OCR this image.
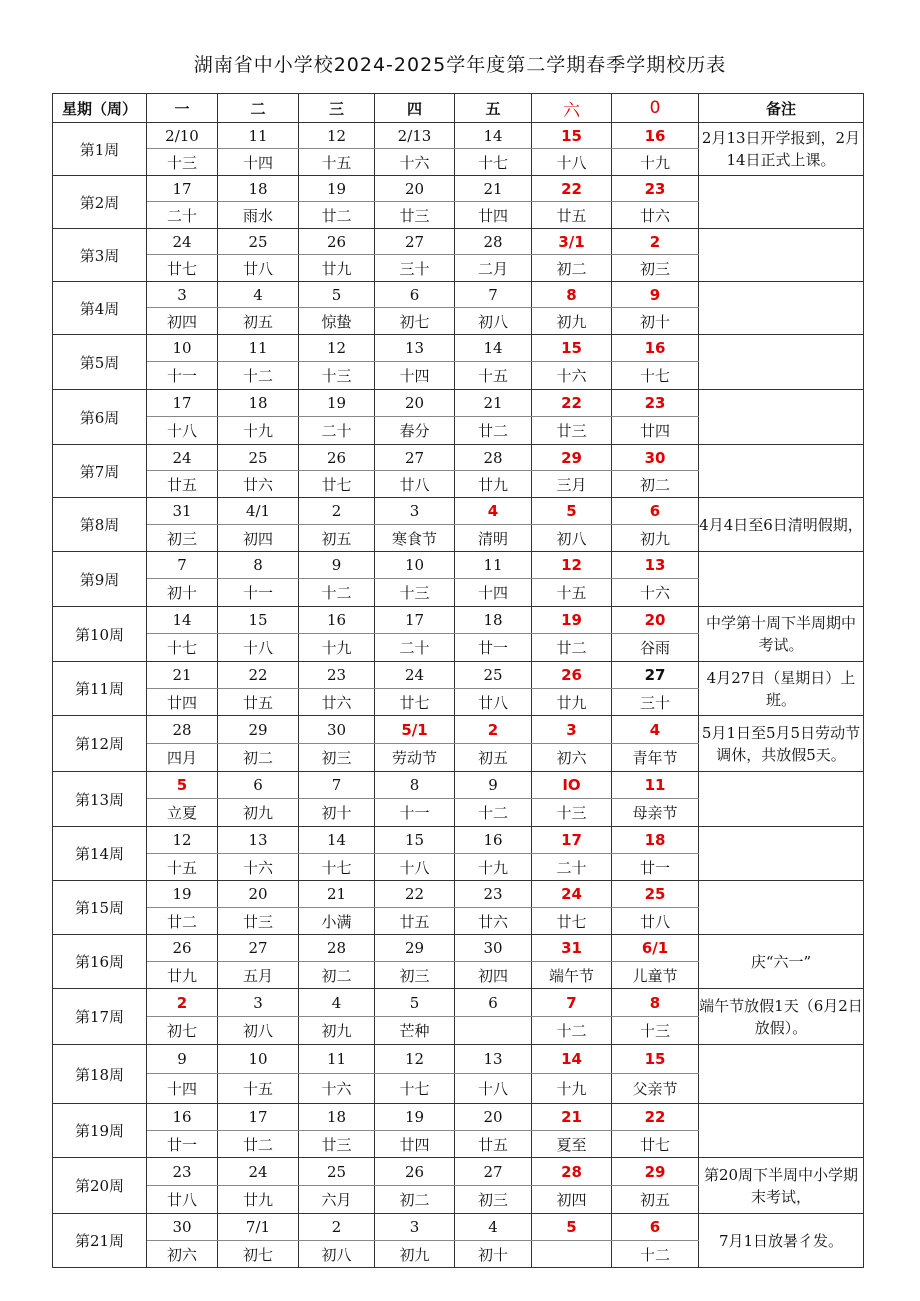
湖南省中小学校2024-2025学年度第二学期春季学期校历表
星期（周）	一	二	三	四	五	六	0	备注
第1周	2/10	11	12	2/13	14	15	16	2月13日开学报到，2月14日正式上课。
	十三	十四	十五	十六	十七	十八	十九	
第2周	17	18	19	20	21	22	23	
	二十	雨水	廿二	廿三	廿四	廿五	廿六	
第3周	24	25	26	27	28	3/1	2	
	廿七	廿八	廿九	三十	二月	初二	初三	
第4周	3	4	5	6	7	8	9	
	初四	初五	惊蛰	初七	初八	初九	初十	
第5周	10	11	12	13	14	15	16	
	十一	十二	十三	十四	十五	十六	十七	
第6周	17	18	19	20	21	22	23	
	十八	十九	二十	春分	廿二	廿三	廿四	
第7周	24	25	26	27	28	29	30	
	廿五	廿六	廿七	廿八	廿九	三月	初二	
第8周	31	4/1	2	3	4	5	6	4月4日至6日清明假期，
	初三	初四	初五	寒食节	清明	初八	初九	
第9周	7	8	9	10	11	12	13	
	初十	十一	十二	十三	十四	十五	十六	
第10周	14	15	16	17	18	19	20	中学第十周下半周期中考试。
	十七	十八	十九	二十	廿一	廿二	谷雨	
第11周	21	22	23	24	25	26	27	4月27日（星期日）上班。
	廿四	廿五	廿六	廿七	廿八	廿九	三十	
第12周	28	29	30	5/1	2	3	4	5月1日至5月5日劳动节调休，共放假5天。
	四月	初二	初三	劳动节	初五	初六	青年节	
第13周	5	6	7	8	9	IO	11	
	立夏	初九	初十	十一	十二	十三	母亲节	
第14周	12	13	14	15	16	17	18	
	十五	十六	十七	十八	十九	二十	廿一	
第15周	19	20	21	22	23	24	25	
	廿二	廿三	小满	廿五	廿六	廿七	廿八	
第16周	26	27	28	29	30	31	6/1	庆“六一”
	廿九	五月	初二	初三	初四	端午节	儿童节	
第17周	2	3	4	5	6	7	8	端午节放假1天（6月2日放假）。
	初七	初八	初九	芒种		十二	十三	
第18周	9	10	11	12	13	14	15	
	十四	十五	十六	十七	十八	十九	父亲节	
第19周	16	17	18	19	20	21	22	
	廿一	廿二	廿三	廿四	廿五	夏至	廿七	
第20周	23	24	25	26	27	28	29	第20周下半周中小学期末考试，
	廿八	廿九	六月	初二	初三	初四	初五	
第21周	30	7/1	2	3	4	5	6	7月1日放暑彳发。
	初六	初七	初八	初九	初十		十二	
